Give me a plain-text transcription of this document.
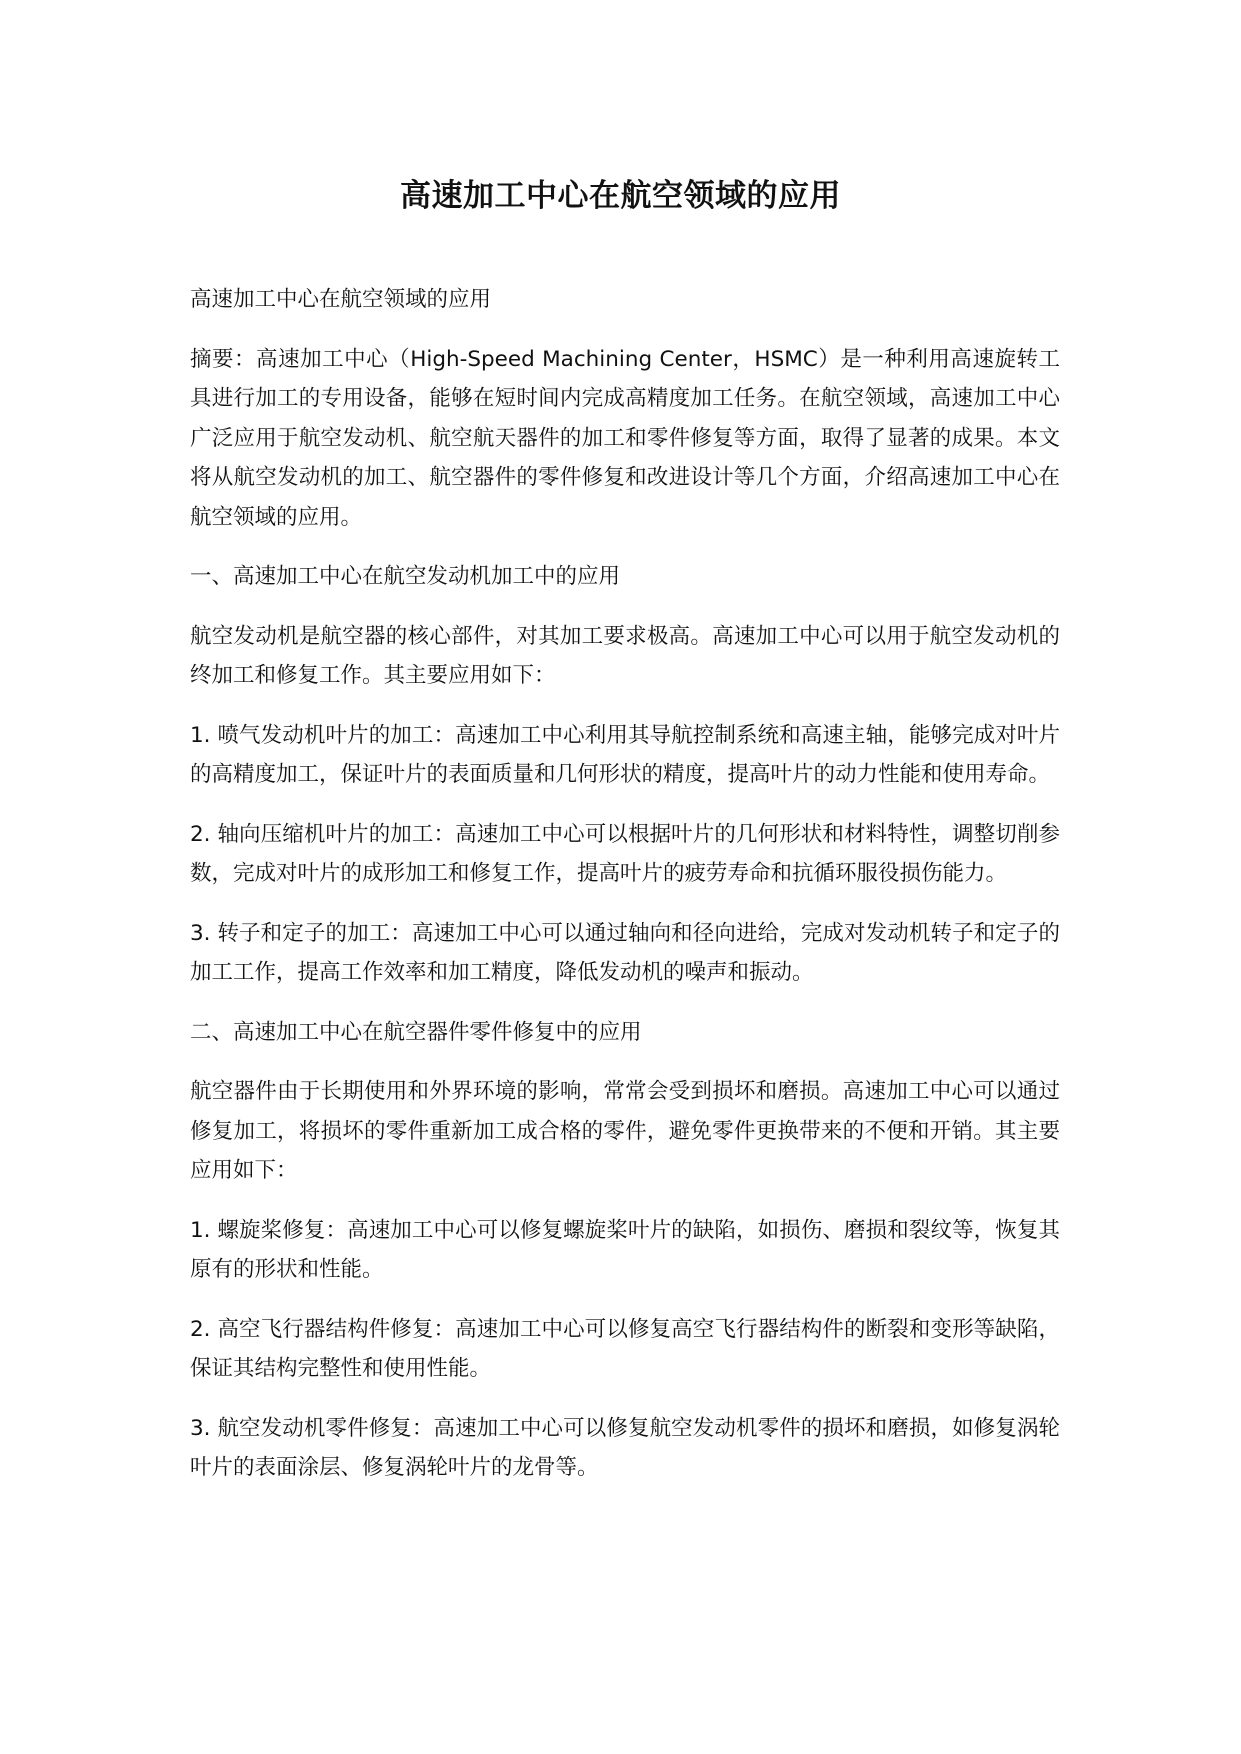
高速加工中心在航空领域的应用

高速加工中心在航空领域的应用

摘要：高速加工中心（High-Speed Machining Center，HSMC）是一种利用高速旋转工具进行加工的专用设备，能够在短时间内完成高精度加工任务。在航空领域，高速加工中心广泛应用于航空发动机、航空航天器件的加工和零件修复等方面，取得了显著的成果。本文将从航空发动机的加工、航空器件的零件修复和改进设计等几个方面，介绍高速加工中心在航空领域的应用。

一、高速加工中心在航空发动机加工中的应用

航空发动机是航空器的核心部件，对其加工要求极高。高速加工中心可以用于航空发动机的终加工和修复工作。其主要应用如下：

1. 喷气发动机叶片的加工：高速加工中心利用其导航控制系统和高速主轴，能够完成对叶片的高精度加工，保证叶片的表面质量和几何形状的精度，提高叶片的动力性能和使用寿命。

2. 轴向压缩机叶片的加工：高速加工中心可以根据叶片的几何形状和材料特性，调整切削参数，完成对叶片的成形加工和修复工作，提高叶片的疲劳寿命和抗循环服役损伤能力。

3. 转子和定子的加工：高速加工中心可以通过轴向和径向进给，完成对发动机转子和定子的加工工作，提高工作效率和加工精度，降低发动机的噪声和振动。

二、高速加工中心在航空器件零件修复中的应用

航空器件由于长期使用和外界环境的影响，常常会受到损坏和磨损。高速加工中心可以通过修复加工，将损坏的零件重新加工成合格的零件，避免零件更换带来的不便和开销。其主要应用如下：

1. 螺旋桨修复：高速加工中心可以修复螺旋桨叶片的缺陷，如损伤、磨损和裂纹等，恢复其原有的形状和性能。

2. 高空飞行器结构件修复：高速加工中心可以修复高空飞行器结构件的断裂和变形等缺陷，保证其结构完整性和使用性能。

3. 航空发动机零件修复：高速加工中心可以修复航空发动机零件的损坏和磨损，如修复涡轮叶片的表面涂层、修复涡轮叶片的龙骨等。
